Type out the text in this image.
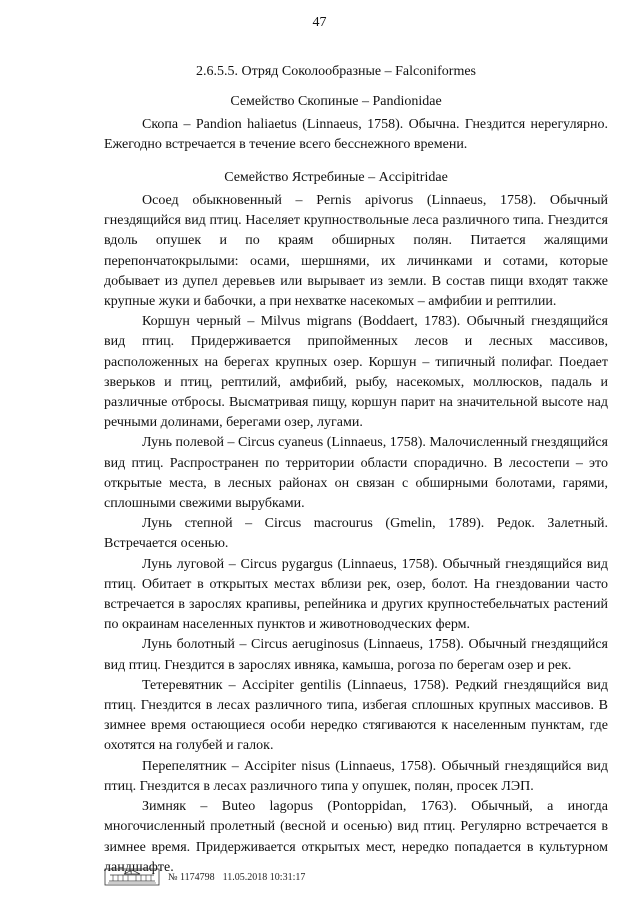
47
2.6.5.5. Отряд Соколообразные – Falconiformes
Семейство Скопиные – Pandionidae

Скопа – Pandion haliaetus (Linnaeus, 1758). Обычна. Гнездится нерегулярно. Ежегодно встречается в течение всего бесснежного времени.

Семейство Ястребиные – Accipitridae

Осоед обыкновенный – Pernis apivorus (Linnaeus, 1758). Обычный гнездящийся вид птиц. Населяет крупноствольные леса различного типа. Гнездится вдоль опушек и по краям обширных полян. Питается жалящими перепончатокрылыми: осами, шершнями, их личинками и сотами, которые добывает из дупел деревьев или вырывает из земли. В состав пищи входят также крупные жуки и бабочки, а при нехватке насекомых – амфибии и рептилии.

Коршун черный – Milvus migrans (Boddaert, 1783). Обычный гнездящийся вид птиц. Придерживается припойменных лесов и лесных массивов, расположенных на берегах крупных озер. Коршун – типичный полифаг. Поедает зверьков и птиц, рептилий, амфибий, рыбу, насекомых, моллюсков, падаль и различные отбросы. Высматривая пищу, коршун парит на значительной высоте над речными долинами, берегами озер, лугами.

Лунь полевой – Circus cyaneus (Linnaeus, 1758). Малочисленный гнездящийся вид птиц. Распространен по территории области спорадично. В лесостепи – это открытые места, в лесных районах он связан с обширными болотами, гарями, сплошными свежими вырубками.

Лунь степной – Circus macrourus (Gmelin, 1789). Редок. Залетный. Встречается осенью.

Лунь луговой – Circus pygargus (Linnaeus, 1758). Обычный гнездящийся вид птиц. Обитает в открытых местах вблизи рек, озер, болот. На гнездовании часто встречается в зарослях крапивы, репейника и других крупностебельчатых растений по окраинам населенных пунктов и животноводческих ферм.

Лунь болотный – Circus aeruginosus (Linnaeus, 1758). Обычный гнездящийся вид птиц. Гнездится в зарослях ивняка, камыша, рогоза по берегам озер и рек.

Тетеревятник – Accipiter gentilis (Linnaeus, 1758). Редкий гнездящийся вид птиц. Гнездится в лесах различного типа, избегая сплошных крупных массивов. В зимнее время остающиеся особи нередко стягиваются к населенным пунктам, где охотятся на голубей и галок.

Перепелятник – Accipiter nisus (Linnaeus, 1758). Обычный гнездящийся вид птиц. Гнездится в лесах различного типа у опушек, полян, просек ЛЭП.

Зимняк – Buteo lagopus (Pontoppidan, 1763). Обычный, а иногда многочисленный пролетный (весной и осенью) вид птиц. Регулярно встречается в зимнее время. Придерживается открытых мест, нередко попадается в культурном ландшафте.

№ 1174798 11.05.2018 10:31:17
